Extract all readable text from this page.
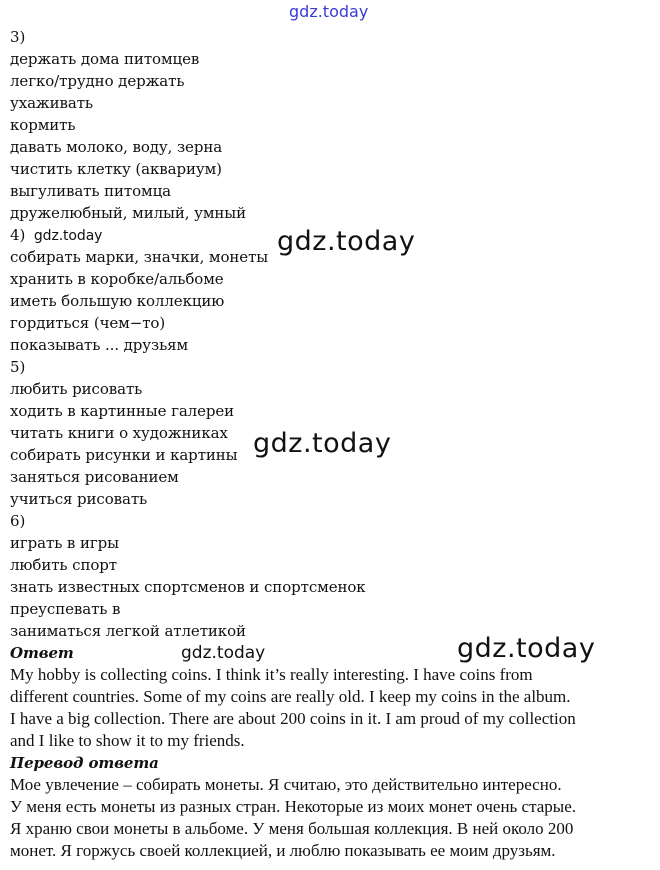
gdz.today
3)
держать дома питомцев
легко/трудно держать
ухаживать
кормить
давать молоко, воду, зерна
чистить клетку (аквариум)
выгуливать питомца
дружелюбный, милый, умный
4) gdz.today
собирать марки, значки, монеты
хранить в коробке/альбоме
иметь большую коллекцию
гордиться (чем−то)
показывать ... друзьям
5)
любить рисовать
ходить в картинные галереи
читать книги о художниках
собирать рисунки и картины
заняться рисованием
учиться рисовать
6)
играть в игры
любить спорт
знать известных спортсменов и спортсменок
преуспевать в
заниматься легкой атлетикой
Ответ
My hobby is collecting coins. I think it’s really interesting. I have coins from
different countries. Some of my coins are really old. I keep my coins in the album.
I have a big collection. There are about 200 coins in it. I am proud of my collection
and I like to show it to my friends.
Перевод ответа
Мое увлечение – собирать монеты. Я считаю, это действительно интересно.
У меня есть монеты из разных стран. Некоторые из моих монет очень старые.
Я храню свои монеты в альбоме. У меня большая коллекция. В ней около 200
монет. Я горжусь своей коллекцией, и люблю показывать ее моим друзьям.
gdz.today
gdz.today
gdz.today	gdz.today
